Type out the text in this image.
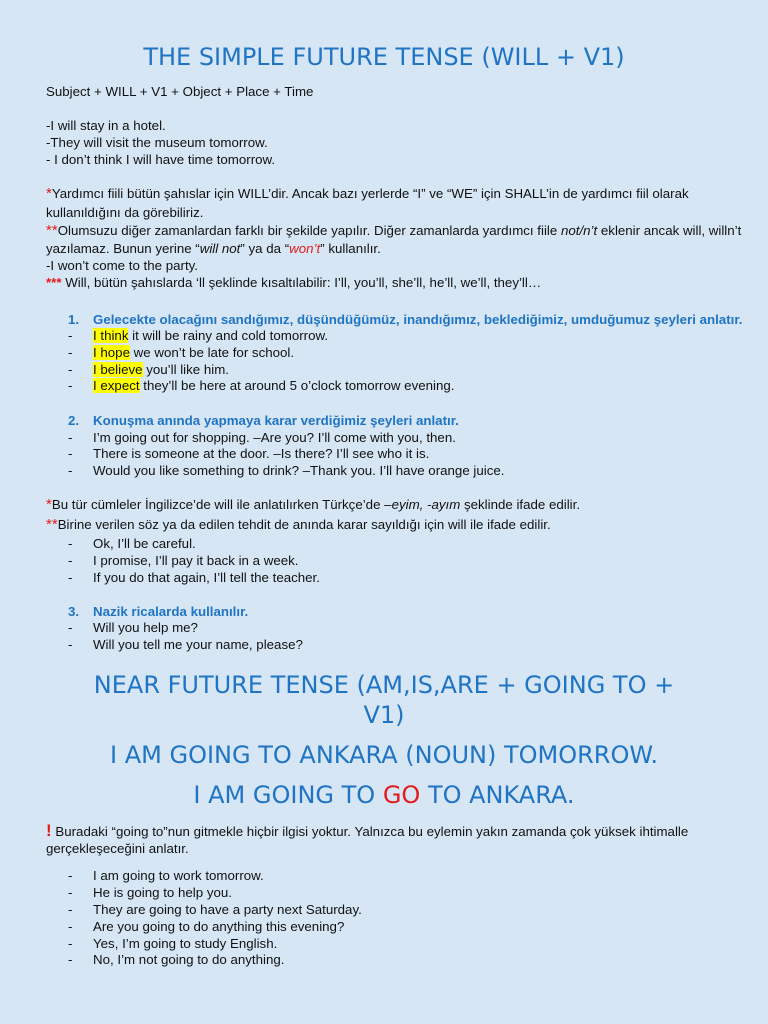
THE SIMPLE FUTURE TENSE (WILL + V1)
Subject + WILL + V1 + Object + Place + Time
-I will stay in a hotel.
-They will visit the museum tomorrow.
- I don’t think I will have time tomorrow.
*Yardımcı fiili bütün şahıslar için WILL’dir. Ancak bazı yerlerde “I” ve “WE” için SHALL’in de yardımcı fiil olarak
kullanıldığını da görebiliriz.
**Olumsuzu diğer zamanlardan farklı bir şekilde yapılır. Diğer zamanlarda yardımcı fiile not/n’t eklenir ancak will, willn’t
yazılamaz. Bunun yerine “will not” ya da “won’t” kullanılır.
-I won’t come to the party.
*** Will, bütün şahıslarda ‘ll şeklinde kısaltılabilir: I’ll, you’ll, she’ll, he’ll, we’ll, they’ll…
1. Gelecekte olacağını sandığımız, düşündüğümüz, inandığımız, beklediğimiz, umduğumuz şeyleri anlatır.
- I think it will be rainy and cold tomorrow.
- I hope we won’t be late for school.
- I believe you’ll like him.
- I expect they’ll be here at around 5 o’clock tomorrow evening.
2. Konuşma anında yapmaya karar verdiğimiz şeyleri anlatır.
- I’m going out for shopping. –Are you? I’ll come with you, then.
- There is someone at the door. –Is there? I’ll see who it is.
- Would you like something to drink? –Thank you. I’ll have orange juice.
*Bu tür cümleler İngilizce’de will ile anlatılırken Türkçe’de –eyim, -ayım şeklinde ifade edilir.
**Birine verilen söz ya da edilen tehdit de anında karar sayıldığı için will ile ifade edilir.
- Ok, I’ll be careful.
- I promise, I’ll pay it back in a week.
- If you do that again, I’ll tell the teacher.
3. Nazik ricalarda kullanılır.
- Will you help me?
- Will you tell me your name, please?
NEAR FUTURE TENSE (AM,IS,ARE + GOING TO +
V1)
I AM GOING TO ANKARA (NOUN) TOMORROW.
I AM GOING TO GO TO ANKARA.
! Buradaki “going to”nun gitmekle hiçbir ilgisi yoktur. Yalnızca bu eylemin yakın zamanda çok yüksek ihtimalle
gerçekleşeceğini anlatır.
- I am going to work tomorrow.
- He is going to help you.
- They are going to have a party next Saturday.
- Are you going to do anything this evening?
- Yes, I’m going to study English.
- No, I’m not going to do anything.
